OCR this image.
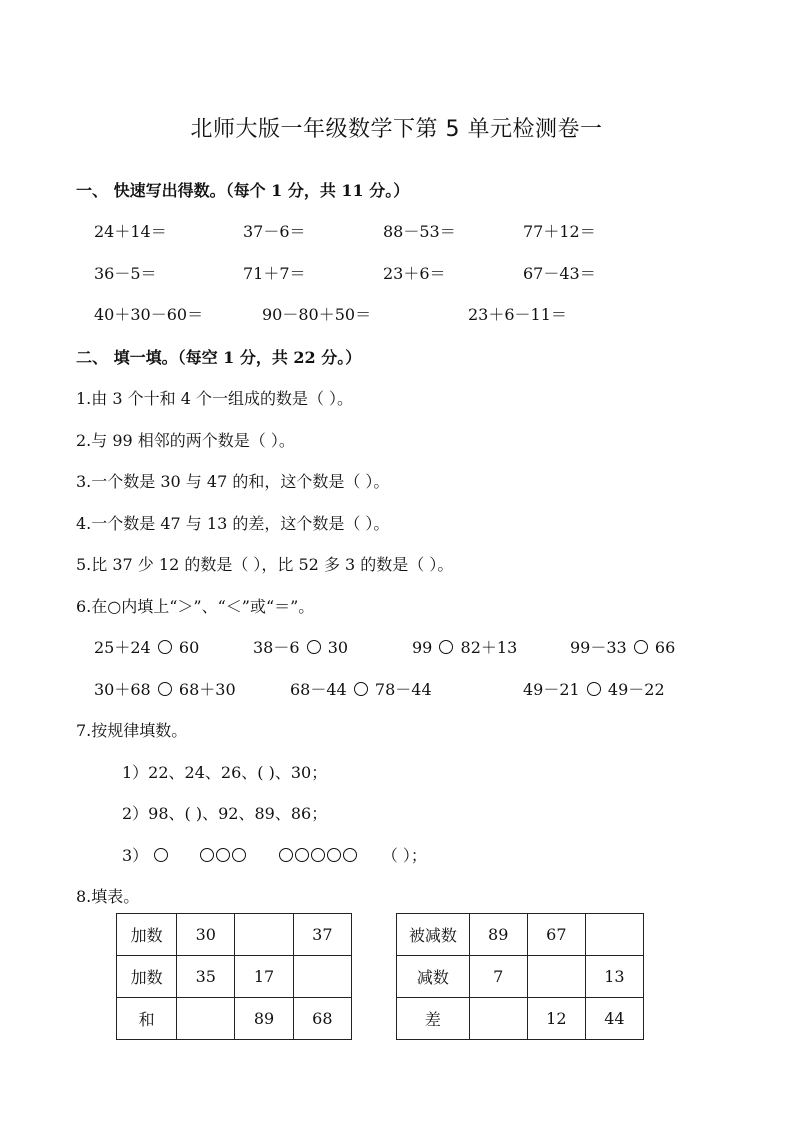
北师大版一年级数学下第 5 单元检测卷一
一、 快速写出得数。（每个 1 分，共 11 分。）
24＋14＝	37－6＝	88－53＝	77＋12＝
36－5＝	71＋7＝	23＋6＝	67－43＝
40＋30－60＝	90－80＋50＝	23＋6－11＝
二、 填一填。（每空 1 分，共 22 分。）
1.由 3 个十和 4 个一组成的数是（ ）。
2.与 99 相邻的两个数是（ ）。
3.一个数是 30 与 47 的和，这个数是（ ）。
4.一个数是 47 与 13 的差，这个数是（ ）。
5.比 37 少 12 的数是（ ），比 52 多 3 的数是（ ）。
6.在○内填上“＞”、“＜”或“＝”。
25＋24 60	38－6 30	99 82＋13	99－33 66
30＋68 68＋30	68－44 78－44	49－21 49－22
7.按规律填数。
1）22、24、26、( )、30；
2）98、( )、92、89、86；
3）	（ ）；
8.填表。
加数	30		37
加数	35	17	
和		89	68
被减数	89	67	
减数	7		13
差		12	44
